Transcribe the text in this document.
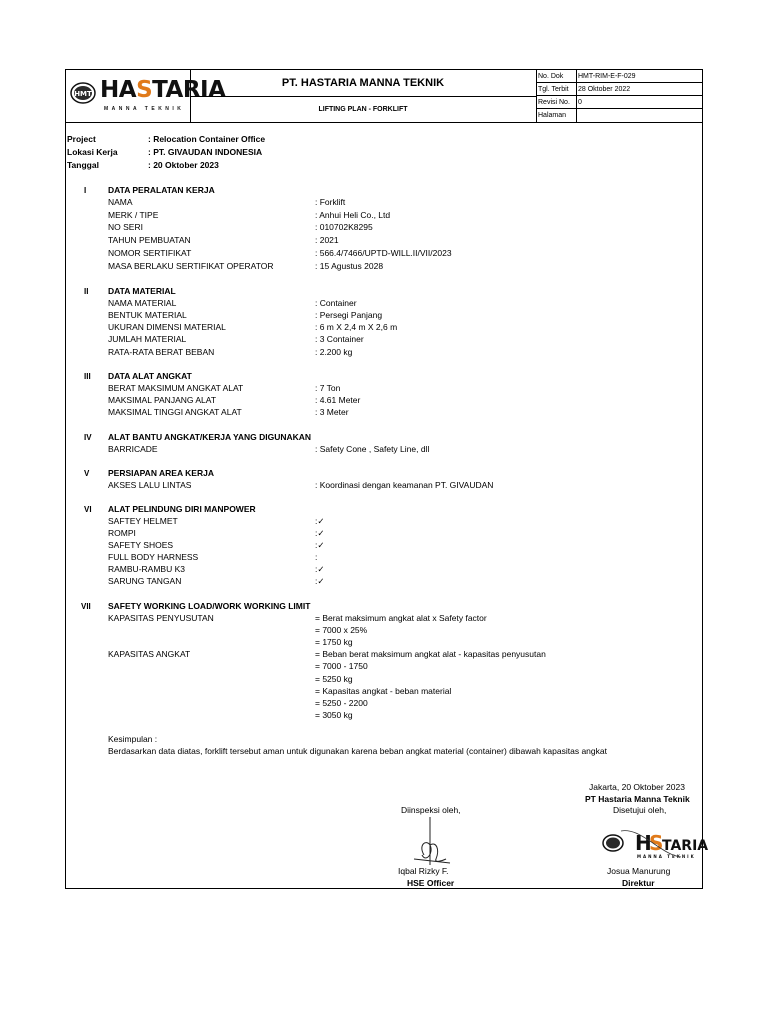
HMT HASTARIA
MANNA TEKNIK
PT. HASTARIA MANNA TEKNIK
LIFTING PLAN - FORKLIFT
No. Dok	HMT-RIM-E-F-029
Tgl. Terbit	28 Oktober 2022
Revisi No.	0
Halaman
Project	: Relocation Container Office
Lokasi Kerja	: PT. GIVAUDAN INDONESIA
Tanggal	: 20 Oktober 2023
I	DATA PERALATAN KERJA
NAMA	: Forklift
MERK / TIPE	: Anhui Heli Co., Ltd
NO SERI	: 010702K8295
TAHUN PEMBUATAN	: 2021
NOMOR SERTIFIKAT	: 566.4/7466/UPTD-WILL.II/VII/2023
MASA BERLAKU SERTIFIKAT OPERATOR	: 15 Agustus 2028
II DATA MATERIAL
NAMA MATERIAL	: Container
BENTUK MATERIAL	: Persegi Panjang
UKURAN DIMENSI MATERIAL	: 6 m X 2,4 m X 2,6 m
JUMLAH MATERIAL	: 3 Container
RATA-RATA BERAT BEBAN	: 2.200 kg
III DATA ALAT ANGKAT
BERAT MAKSIMUM ANGKAT ALAT	: 7 Ton
MAKSIMAL PANJANG ALAT	: 4.61 Meter
MAKSIMAL TINGGI ANGKAT ALAT	: 3 Meter
IV ALAT BANTU ANGKAT/KERJA YANG DIGUNAKAN
BARRICADE	: Safety Cone , Safety Line, dll
V PERSIAPAN AREA KERJA
AKSES LALU LINTAS	: Koordinasi dengan keamanan PT. GIVAUDAN
VI ALAT PELINDUNG DIRI MANPOWER
SAFTEY HELMET	:✓
ROMPI	:✓
SAFETY SHOES	:✓
FULL BODY HARNESS	:
RAMBU-RAMBU K3	:✓
SARUNG TANGAN	:✓
VII SAFETY WORKING LOAD/WORK WORKING LIMIT
KAPASITAS PENYUSUTAN	= Berat maksimum angkat alat x Safety factor
= 7000 x 25%
= 1750 kg
KAPASITAS ANGKAT	= Beban berat maksimum angkat alat - kapasitas penyusutan
= 7000 - 1750
= 5250 kg
= Kapasitas angkat - beban material
= 5250 - 2200
= 3050 kg
Kesimpulan :
Berdasarkan data diatas, forklift tersebut aman untuk digunakan karena beban angkat material (container) dibawah kapasitas angkat
Jakarta, 20 Oktober 2023
PT Hastaria Manna Teknik
Diinspeksi oleh,	Disetujui oleh,
H
S
TARIA
MANNA TEKNIK
Iqbal Rizky F.
HSE Officer
Josua Manurung
Direktur
